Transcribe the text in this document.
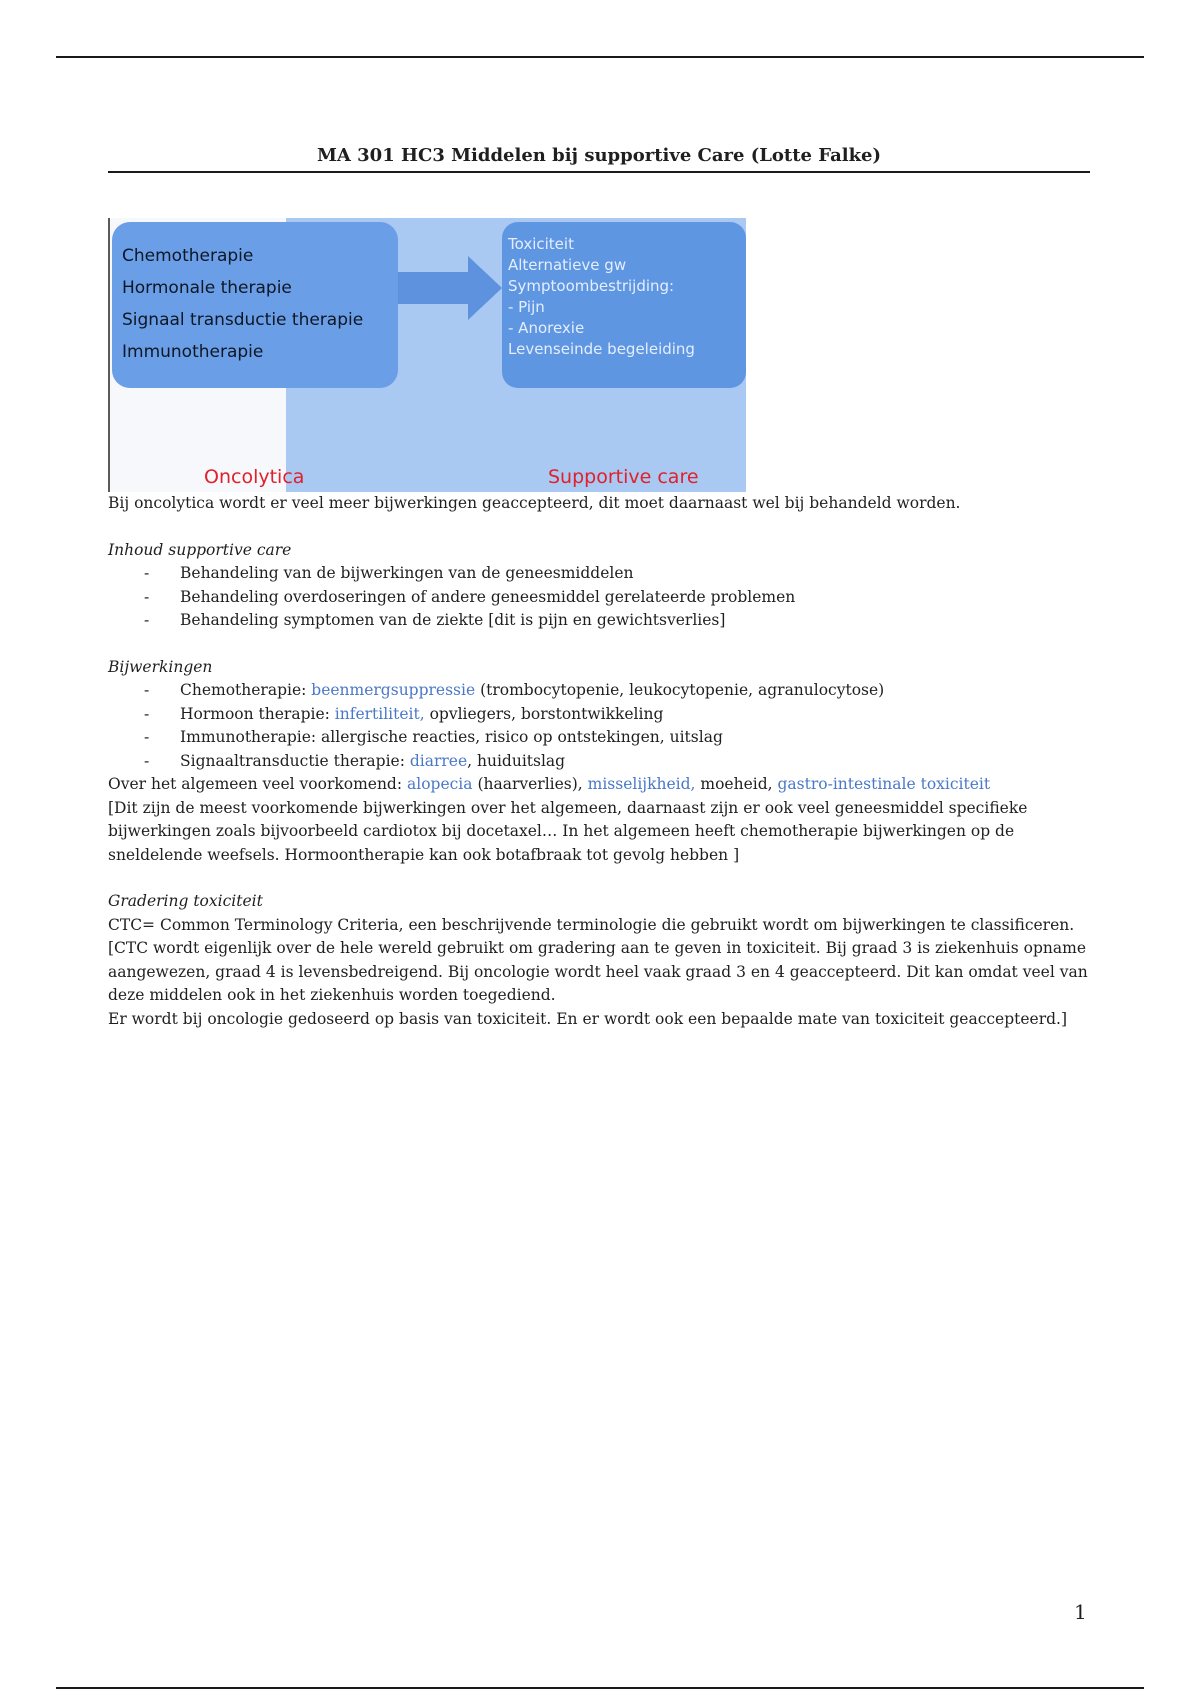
MA 301 HC3 Middelen bij supportive Care (Lotte Falke)
Chemotherapie
Hormonale therapie
Signaal transductie therapie
Immunotherapie
Toxiciteit
Alternatieve gw
Symptoombestrijding:
- Pijn
- Anorexie
Levenseinde begeleiding
Oncolytica	Supportive care

Bij oncolytica wordt er veel meer bijwerkingen geaccepteerd, dit moet daarnaast wel bij behandeld worden.

Inhoud supportive care

- Behandeling van de bijwerkingen van de geneesmiddelen
- Behandeling overdoseringen of andere geneesmiddel gerelateerde problemen
- Behandeling symptomen van de ziekte [dit is pijn en gewichtsverlies]

Bijwerkingen

- Chemotherapie: beenmergsuppressie (trombocytopenie, leukocytopenie, agranulocytose)
- Hormoon therapie: infertiliteit, opvliegers, borstontwikkeling
- Immunotherapie: allergische reacties, risico op ontstekingen, uitslag
- Signaaltransductie therapie: diarree, huiduitslag

Over het algemeen veel voorkomend: alopecia (haarverlies), misselijkheid, moeheid, gastro-intestinale toxiciteit

[Dit zijn de meest voorkomende bijwerkingen over het algemeen, daarnaast zijn er ook veel geneesmiddel specifieke bijwerkingen zoals bijvoorbeeld cardiotox bij docetaxel… In het algemeen heeft chemotherapie bijwerkingen op de sneldelende weefsels. Hormoontherapie kan ook botafbraak tot gevolg hebben ]

Gradering toxiciteit

CTC= Common Terminology Criteria, een beschrijvende terminologie die gebruikt wordt om bijwerkingen te classificeren.

[CTC wordt eigenlijk over de hele wereld gebruikt om gradering aan te geven in toxiciteit. Bij graad 3 is ziekenhuis opname aangewezen, graad 4 is levensbedreigend. Bij oncologie wordt heel vaak graad 3 en 4 geaccepteerd. Dit kan omdat veel van deze middelen ook in het ziekenhuis worden toegediend.

Er wordt bij oncologie gedoseerd op basis van toxiciteit. En er wordt ook een bepaalde mate van toxiciteit geaccepteerd.]

1
